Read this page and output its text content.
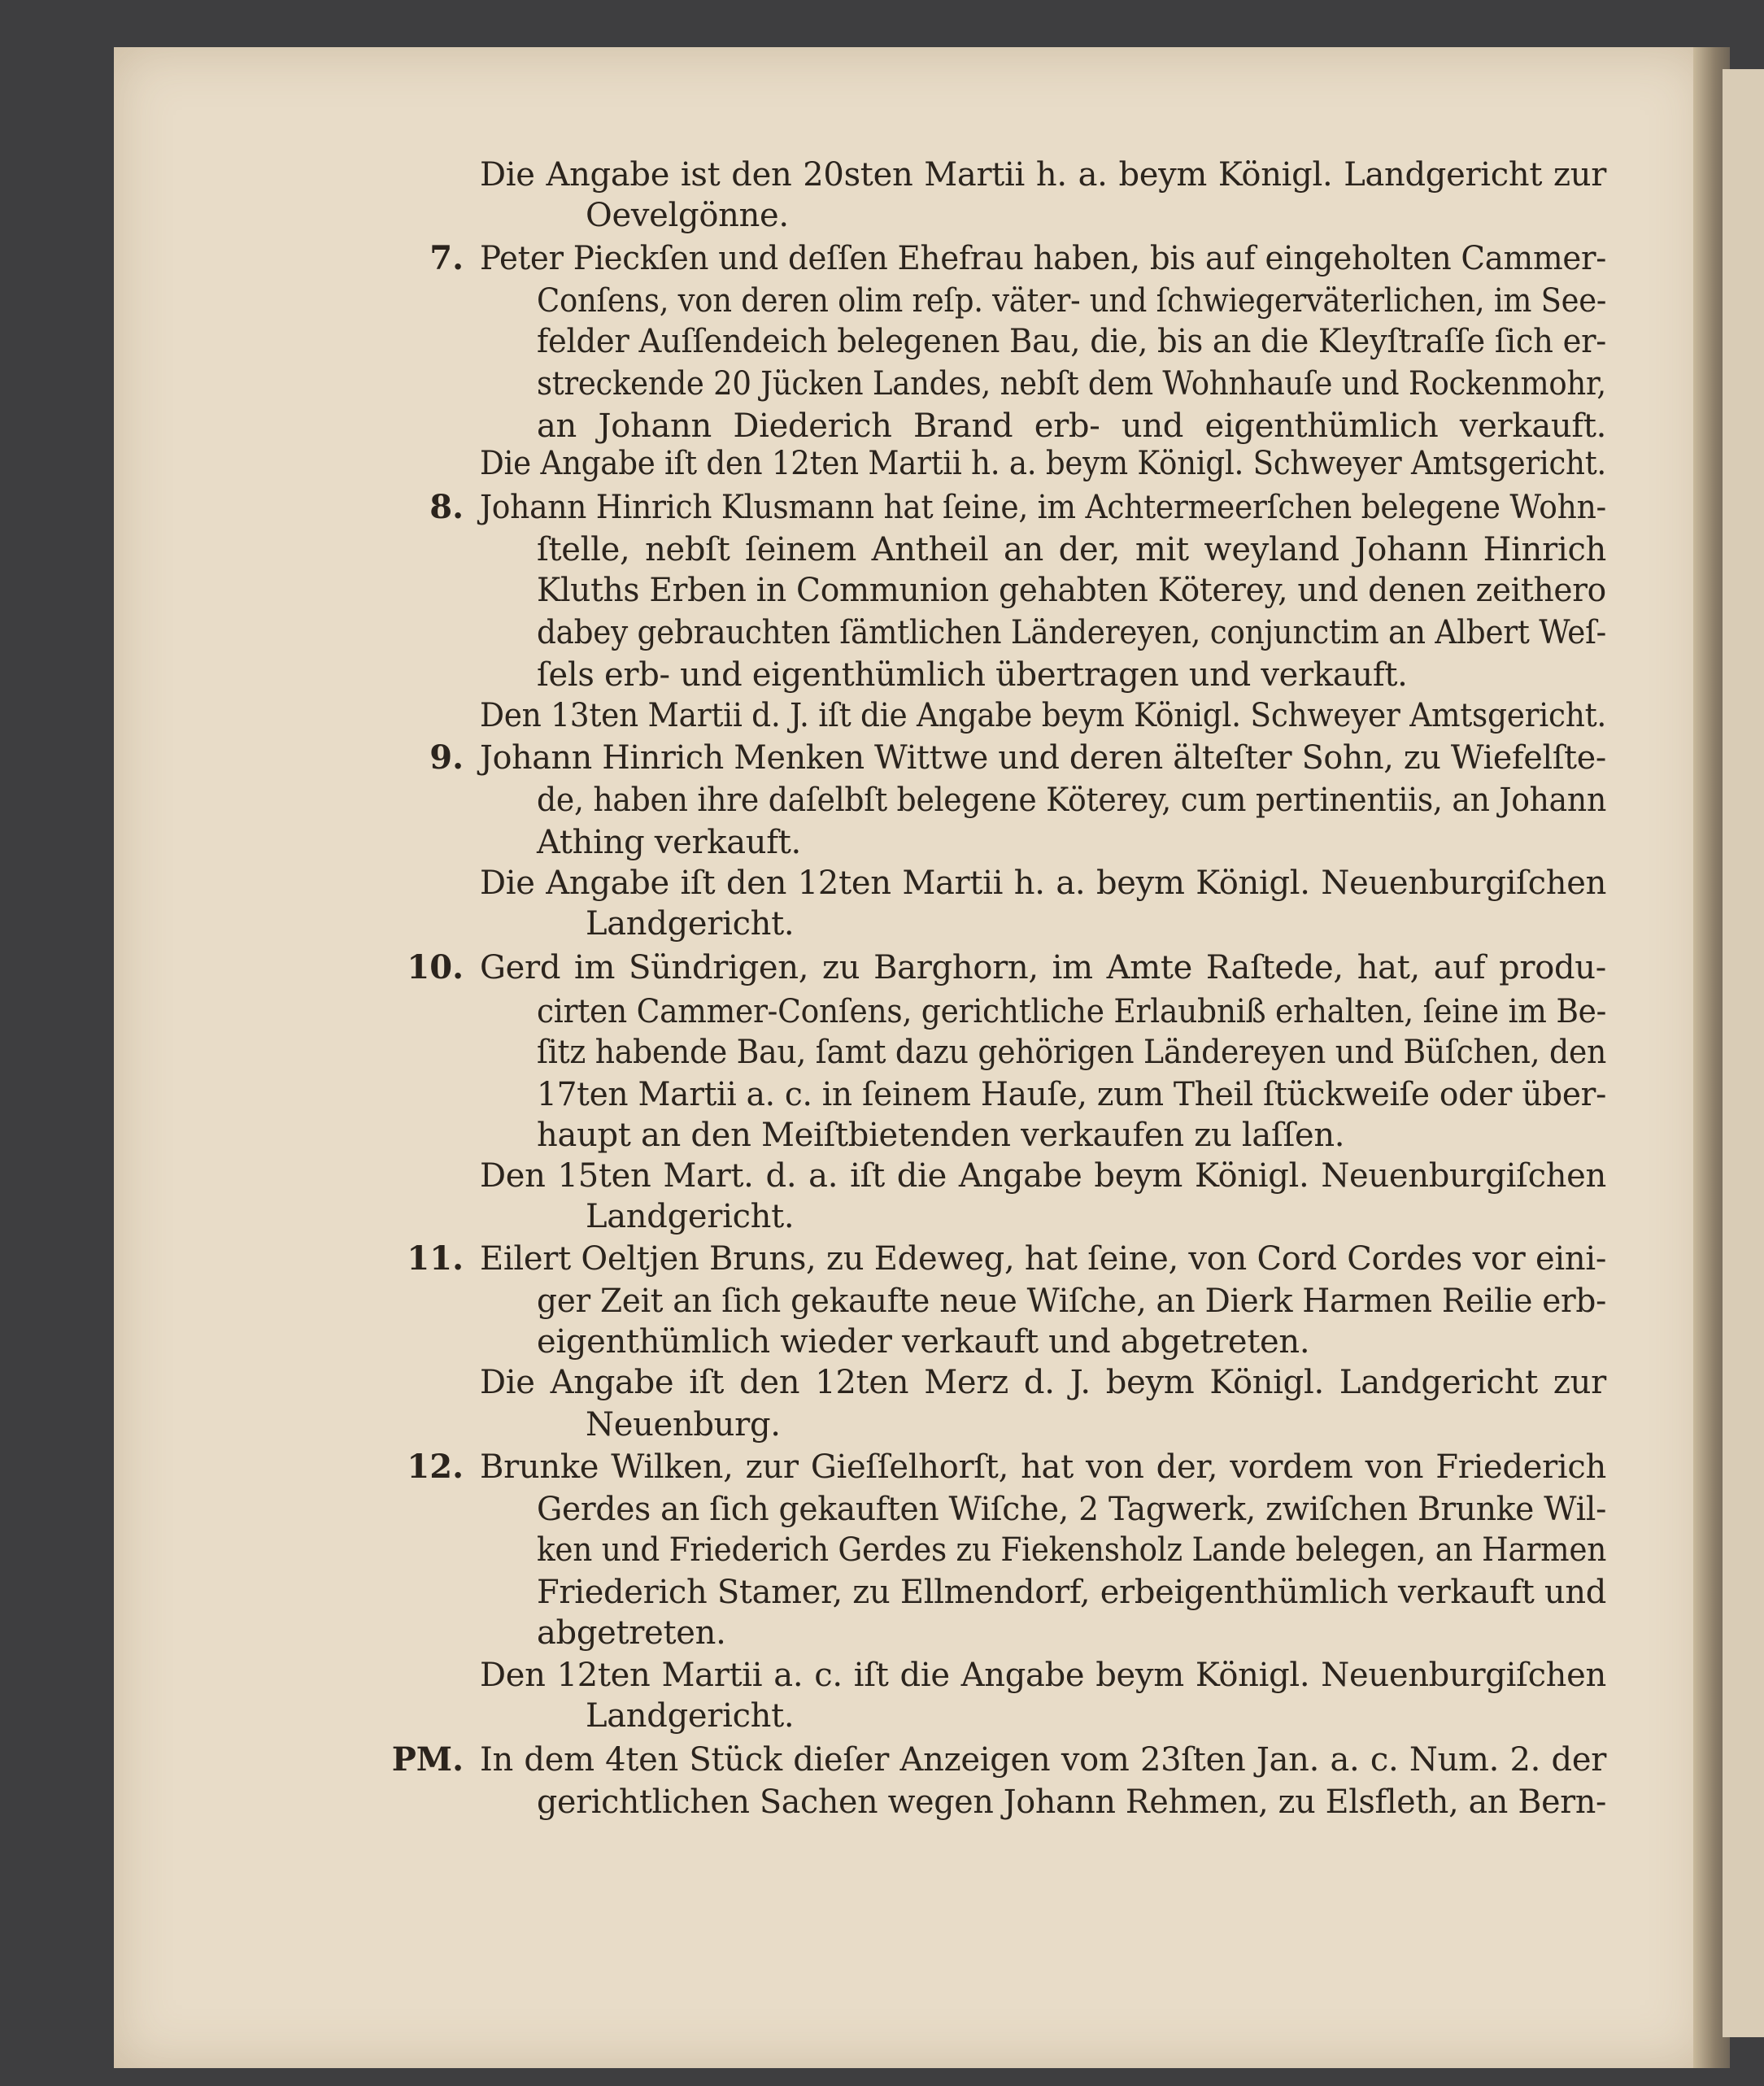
Die Angabe ist den 20sten Martii h. a. beym Königl. Landgericht zur
Oevelgönne.
7. Peter Pieckſen und deſſen Ehefrau haben, bis auf eingeholten Cammer-
Conſens, von deren olim reſp. väter- und ſchwiegerväterlichen, im See-
felder Auſſendeich belegenen Bau, die, bis an die Kleyſtraſſe ſich er-
streckende 20 Jücken Landes, nebſt dem Wohnhauſe und Rockenmohr,
an Johann Diederich Brand erb- und eigenthümlich verkauft.
Die Angabe iſt den 12ten Martii h. a. beym Königl. Schweyer Amtsgericht.
8. Johann Hinrich Klusmann hat ſeine, im Achtermeerſchen belegene Wohn-
ſtelle, nebſt ſeinem Antheil an der, mit weyland Johann Hinrich
Kluths Erben in Communion gehabten Köterey, und denen zeithero
dabey gebrauchten ſämtlichen Ländereyen, conjunctim an Albert Weſ-
ſels erb- und eigenthümlich übertragen und verkauft.
Den 13ten Martii d. J. iſt die Angabe beym Königl. Schweyer Amtsgericht.
9. Johann Hinrich Menken Wittwe und deren älteſter Sohn, zu Wiefelſte-
de, haben ihre daſelbſt belegene Köterey, cum pertinentiis, an Johann
Athing verkauft.
Die Angabe iſt den 12ten Martii h. a. beym Königl. Neuenburgiſchen
Landgericht.
10. Gerd im Sündrigen, zu Barghorn, im Amte Raſtede, hat, auf produ-
cirten Cammer-Conſens, gerichtliche Erlaubniß erhalten, ſeine im Be-
ſitz habende Bau, ſamt dazu gehörigen Ländereyen und Büſchen, den
17ten Martii a. c. in ſeinem Hauſe, zum Theil ſtückweiſe oder über-
haupt an den Meiſtbietenden verkaufen zu laſſen.
Den 15ten Mart. d. a. iſt die Angabe beym Königl. Neuenburgiſchen
Landgericht.
11. Eilert Oeltjen Bruns, zu Edeweg, hat ſeine, von Cord Cordes vor eini-
ger Zeit an ſich gekaufte neue Wiſche, an Dierk Harmen Reilie erb-
eigenthümlich wieder verkauft und abgetreten.
Die Angabe iſt den 12ten Merz d. J. beym Königl. Landgericht zur
Neuenburg.
12. Brunke Wilken, zur Gieſſelhorſt, hat von der, vordem von Friederich
Gerdes an ſich gekauften Wiſche, 2 Tagwerk, zwiſchen Brunke Wil-
ken und Friederich Gerdes zu Fiekensholz Lande belegen, an Harmen
Friederich Stamer, zu Ellmendorf, erbeigenthümlich verkauft und
abgetreten.
Den 12ten Martii a. c. iſt die Angabe beym Königl. Neuenburgiſchen
Landgericht.
PM. In dem 4ten Stück dieſer Anzeigen vom 23ſten Jan. a. c. Num. 2. der
gerichtlichen Sachen wegen Johann Rehmen, zu Elsfleth, an Bern-
